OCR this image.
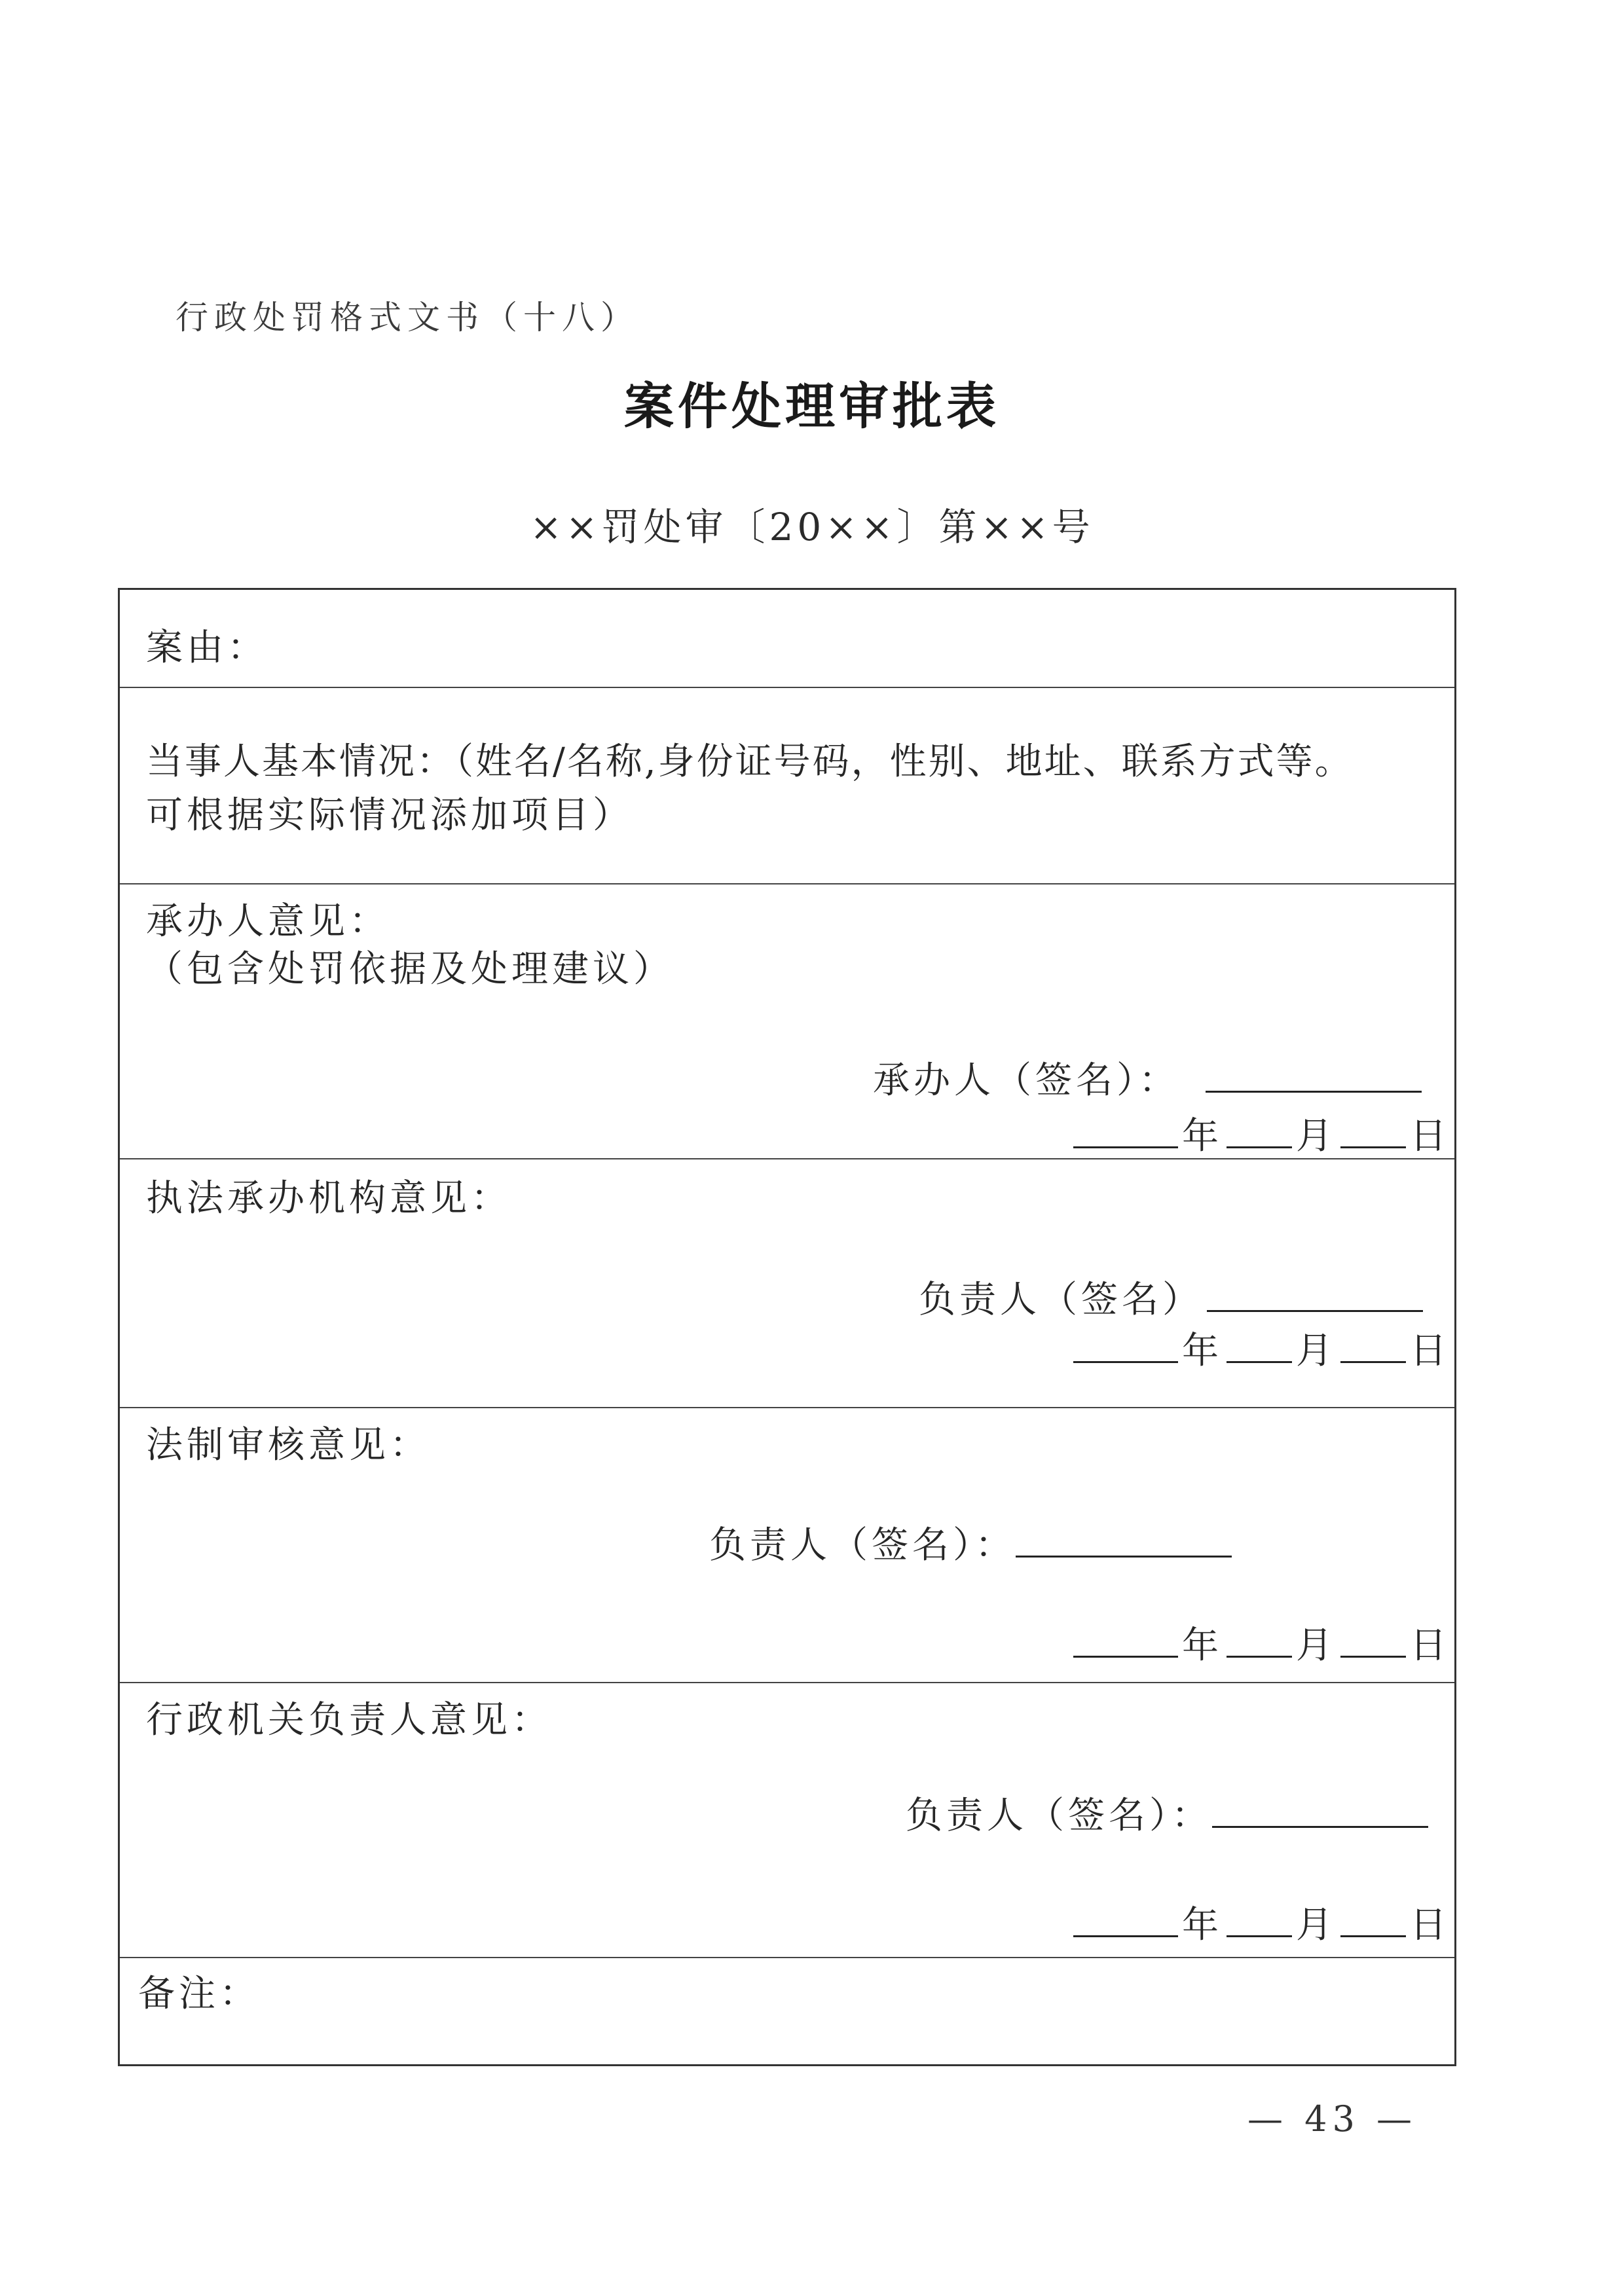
行政处罚格式文书（十八）
案件处理审批表
××罚处审〔20××〕第××号
案由：
当事人基本情况：（姓名/名称,身份证号码，性别、地址、联系方式等。
可根据实际情况添加项目）
承办人意见：
（包含处罚依据及处理建议）
承办人（签名）：
年 月 日
执法承办机构意见：
负责人（签名）
年 月 日
法制审核意见：
负责人（签名）：
年 月 日
行政机关负责人意见：
负责人（签名）：
年 月 日
备注：
— 43 —
